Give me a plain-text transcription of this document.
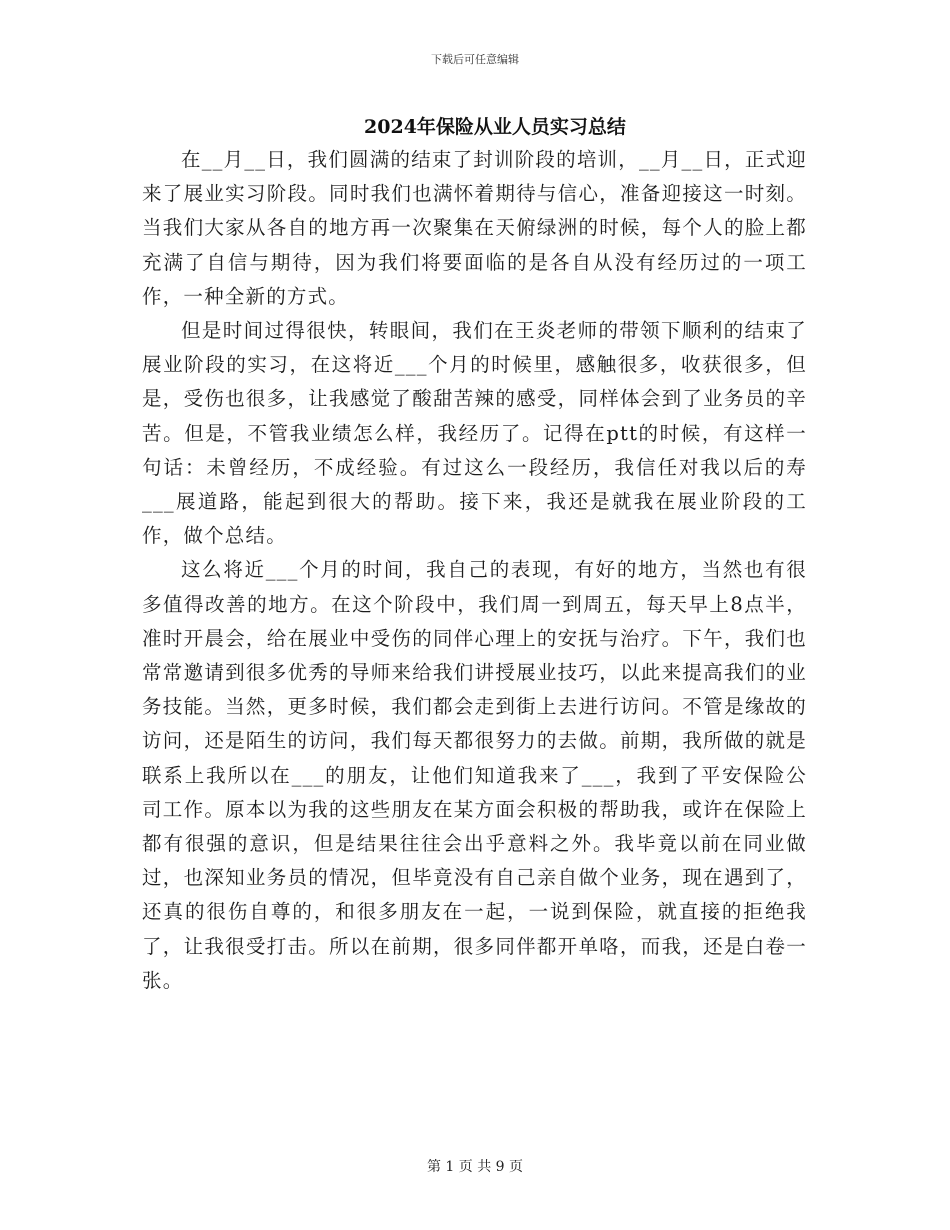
下载后可任意编辑
2024年保险从业人员实习总结

在__月__日，我们圆满的结束了封训阶段的培训，__月__日，正式迎来了展业实习阶段。同时我们也满怀着期待与信心，准备迎接这一时刻。当我们大家从各自的地方再一次聚集在天俯绿洲的时候，每个人的脸上都充满了自信与期待，因为我们将要面临的是各自从没有经历过的一项工作，一种全新的方式。

但是时间过得很快，转眼间，我们在王炎老师的带领下顺利的结束了展业阶段的实习，在这将近___个月的时候里，感触很多，收获很多，但是，受伤也很多，让我感觉了酸甜苦辣的感受，同样体会到了业务员的辛苦。但是，不管我业绩怎么样，我经历了。记得在ptt的时候，有这样一句话：未曾经历，不成经验。有过这么一段经历，我信任对我以后的寿___展道路，能起到很大的帮助。接下来，我还是就我在展业阶段的工作，做个总结。

这么将近___个月的时间，我自己的表现，有好的地方，当然也有很多值得改善的地方。在这个阶段中，我们周一到周五，每天早上8点半，准时开晨会，给在展业中受伤的同伴心理上的安抚与治疗。下午，我们也常常邀请到很多优秀的导师来给我们讲授展业技巧，以此来提高我们的业务技能。当然，更多时候，我们都会走到街上去进行访问。不管是缘故的访问，还是陌生的访问，我们每天都很努力的去做。前期，我所做的就是联系上我所以在___的朋友，让他们知道我来了___，我到了平安保险公司工作。原本以为我的这些朋友在某方面会积极的帮助我，或许在保险上都有很强的意识，但是结果往往会出乎意料之外。我毕竟以前在同业做过，也深知业务员的情况，但毕竟没有自己亲自做个业务，现在遇到了，还真的很伤自尊的，和很多朋友在一起，一说到保险，就直接的拒绝我了，让我很受打击。所以在前期，很多同伴都开单咯，而我，还是白卷一张。

第 1 页 共 9 页
